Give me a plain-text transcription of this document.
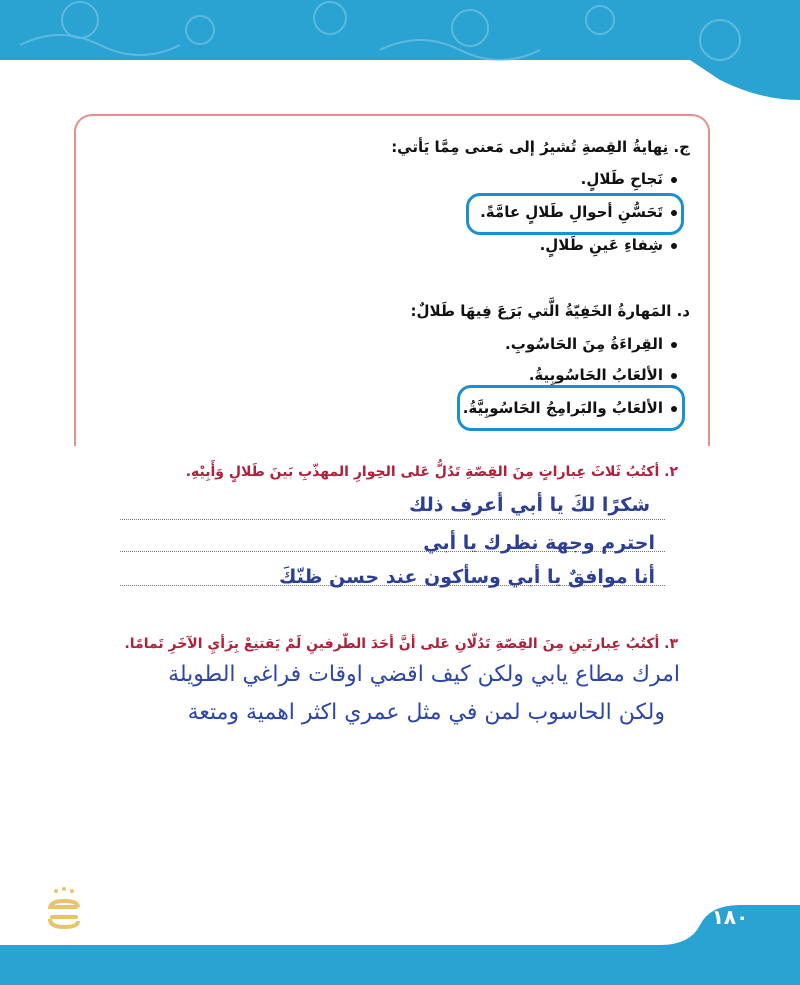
ج. نِهايةُ القِصةِ تُشيرُ إلى مَعنى مِمَّا يَأتي:
نَجاحِ طَلالٍ.
تَحَسُّنِ أحوالِ طَلالٍ عامَّةً.
شِفاءِ عَينِ طَلالٍ.
د. المَهارةُ الخَفِيّةُ الَّتي بَرَعَ فِيهَا طَلالٌ:
القِراءَةُ مِنَ الحَاسُوبِ.
الألعَابُ الحَاسُوبِيةُ.
الألعَابُ والبَرامِجُ الحَاسُوبِيَّةُ.
٢. أكتُبُ ثَلاثَ عِباراتٍ مِنَ القِصّةِ تَدُلُّ عَلى الحِوارِ المهذّبِ بَينَ طَلالٍ وَأَبِيْهِ.
شكرًا لكَ يا أبي أعرف ذلك
احترم وجهة نظرك يا أبي
أنا موافقٌ يا أبي وسأكون عند حسن ظنّكَ
٣. أكتُبُ عِبارتَينِ مِنَ القِصّةِ تَدُلّانِ عَلى أنَّ أحَدَ الطّرفينِ لَمْ يَقتنِعْ بِرَأيِ الآخَرِ تَمامًا.
امرك مطاع يابي ولكن كيف اقضي اوقات فراغي الطويلة
ولكن الحاسوب لمن في مثل عمري اكثر اهمية ومتعة
١٨٠
